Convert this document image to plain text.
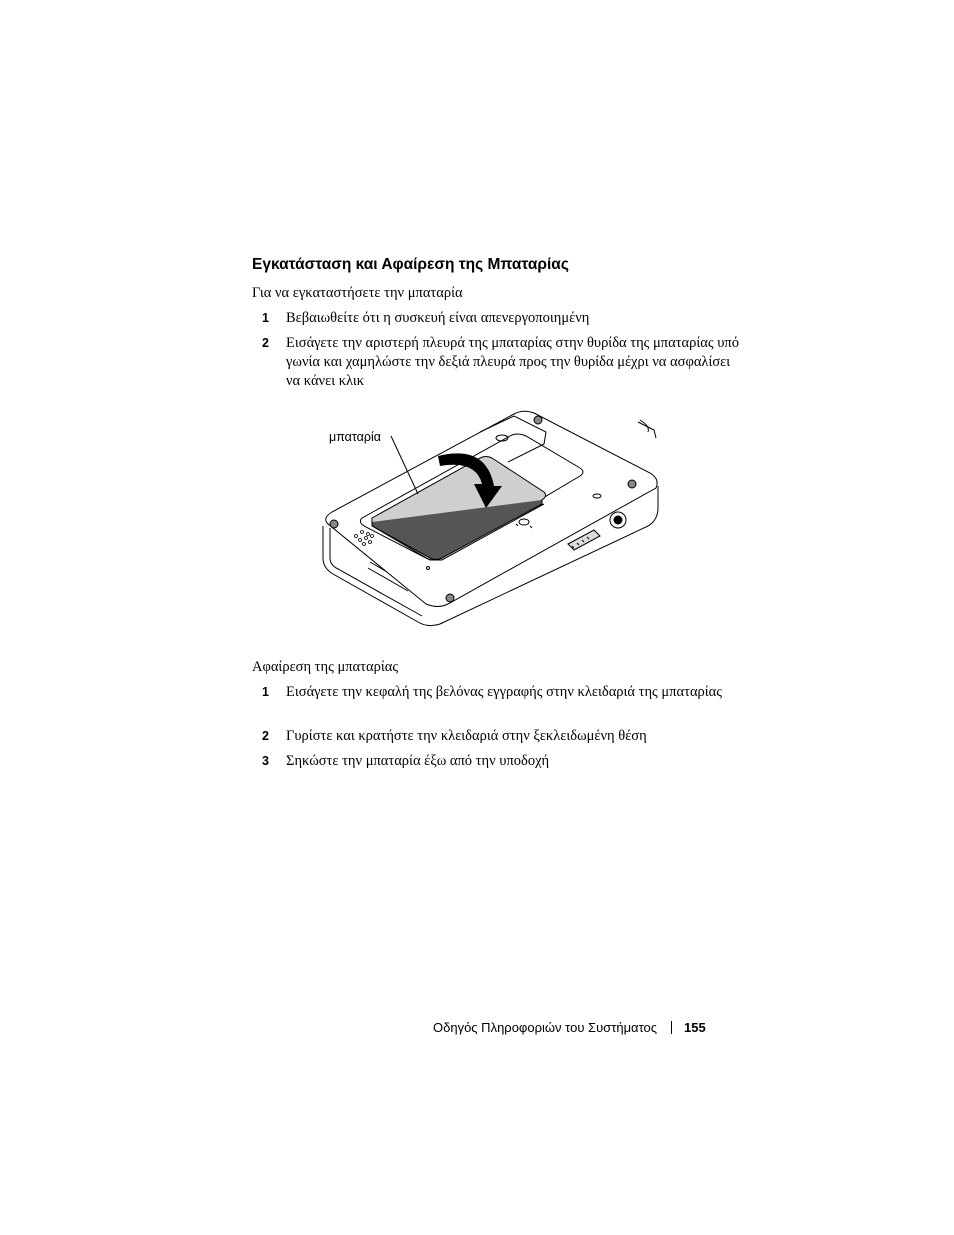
Εγκατάσταση και Αφαίρεση της Μπαταρίας
Για να εγκαταστήσετε την μπαταρία
1 Βεβαιωθείτε ότι η συσκευή είναι απενεργοποιημένη
2 Εισάγετε την αριστερή πλευρά της μπαταρίας στην θυρίδα της μπαταρίας υπό γωνία και χαμηλώστε την δεξιά πλευρά προς την θυρίδα μέχρι να ασφαλίσει να κάνει κλικ
μπαταρία
Αφαίρεση της μπαταρίας
1 Εισάγετε την κεφαλή της βελόνας εγγραφής στην κλειδαριά της μπαταρίας
2 Γυρίστε και κρατήστε την κλειδαριά στην ξεκλειδωμένη θέση
3 Σηκώστε την μπαταρία έξω από την υποδοχή
Οδηγός Πληροφοριών του Συστήματος 155
